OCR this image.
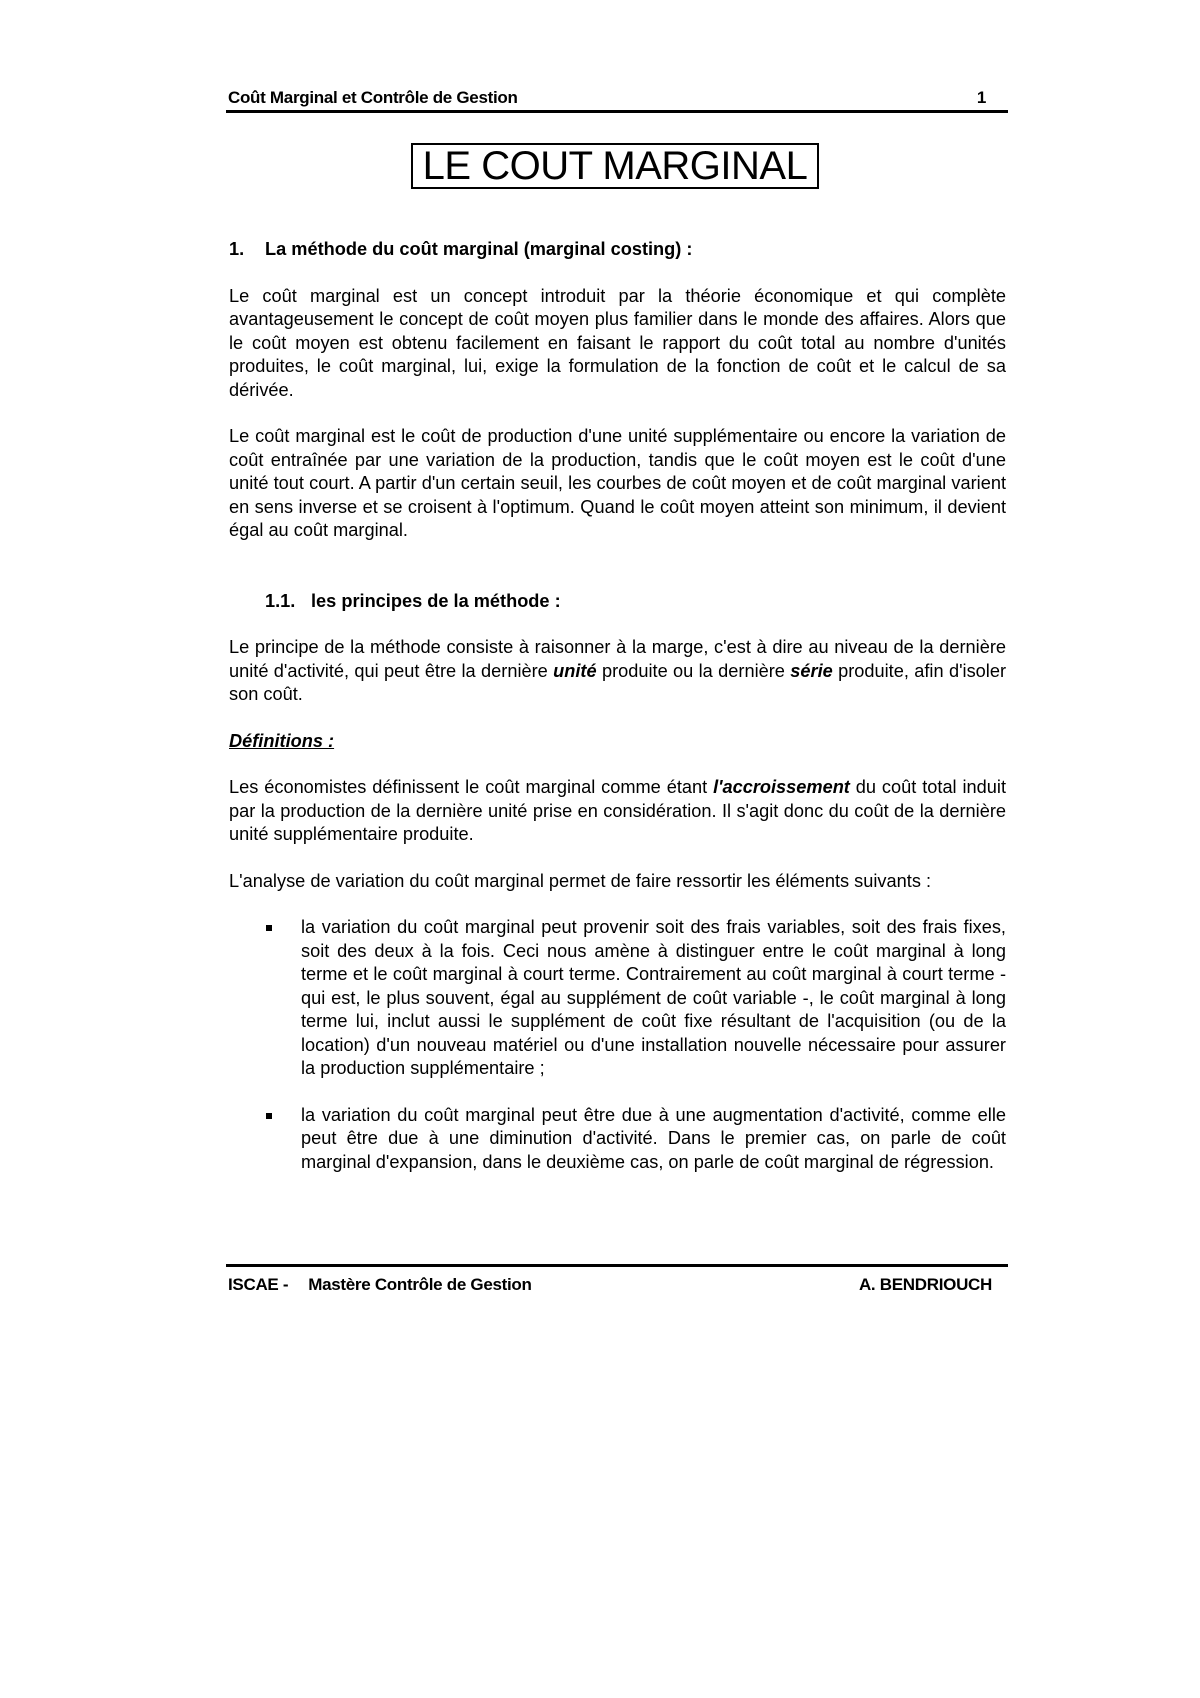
Coût Marginal et Contrôle de Gestion	1
LE COUT MARGINAL

1. La méthode du coût marginal (marginal costing) :

Le coût marginal est un concept introduit par la théorie économique et qui complète avantageusement le concept de coût moyen plus familier dans le monde des affaires. Alors que le coût moyen est obtenu facilement en faisant le rapport du coût total au nombre d'unités produites, le coût marginal, lui, exige la formulation de la fonction de coût et le calcul de sa dérivée.

Le coût marginal est le coût de production d'une unité supplémentaire ou encore la variation de coût entraînée par une variation de la production, tandis que le coût moyen est le coût d'une unité tout court. A partir d'un certain seuil, les courbes de coût moyen et de coût marginal varient en sens inverse et se croisent à l'optimum. Quand le coût moyen atteint son minimum, il devient égal au coût marginal.

1.1. les principes de la méthode :

Le principe de la méthode consiste à raisonner à la marge, c'est à dire au niveau de la dernière unité d'activité, qui peut être la dernière unité produite ou la dernière série produite, afin d'isoler son coût.

Définitions :

Les économistes définissent le coût marginal comme étant l'accroissement du coût total induit par la production de la dernière unité prise en considération. Il s'agit donc du coût de la dernière unité supplémentaire produite.

L'analyse de variation du coût marginal permet de faire ressortir les éléments suivants :

la variation du coût marginal peut provenir soit des frais variables, soit des frais fixes, soit des deux à la fois. Ceci nous amène à distinguer entre le coût marginal à long terme et le coût marginal à court terme. Contrairement au coût marginal à court terme - qui est, le plus souvent, égal au supplément de coût variable -, le coût marginal à long terme lui, inclut aussi le supplément de coût fixe résultant de l'acquisition (ou de la location) d'un nouveau matériel ou d'une installation nouvelle nécessaire pour assurer la production supplémentaire ;
la variation du coût marginal peut être due à une augmentation d'activité, comme elle peut être due à une diminution d'activité. Dans le premier cas, on parle de coût marginal d'expansion, dans le deuxième cas, on parle de coût marginal de régression.
ISCAE - Mastère Contrôle de Gestion	A. BENDRIOUCH
